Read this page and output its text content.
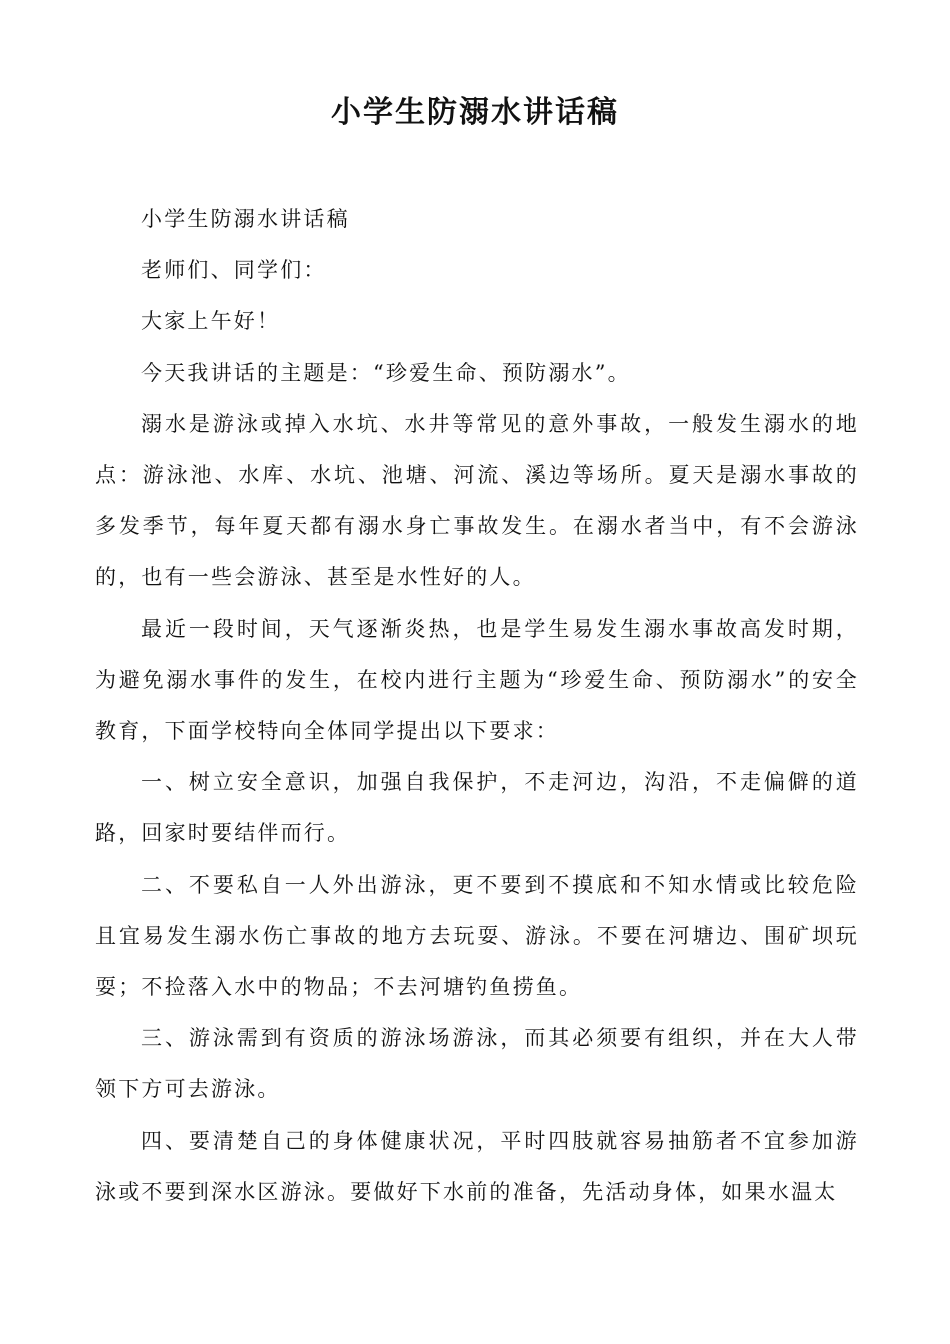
小学生防溺水讲话稿

小学生防溺水讲话稿

老师们、同学们：

大家上午好！

今天我讲话的主题是：“珍爱生命、预防溺水”。

溺水是游泳或掉入水坑、水井等常见的意外事故，一般发生溺水的地点：游泳池、水库、水坑、池塘、河流、溪边等场所。夏天是溺水事故的多发季节，每年夏天都有溺水身亡事故发生。在溺水者当中，有不会游泳的，也有一些会游泳、甚至是水性好的人。

最近一段时间，天气逐渐炎热，也是学生易发生溺水事故高发时期，为避免溺水事件的发生，在校内进行主题为“珍爱生命、预防溺水”的安全教育，下面学校特向全体同学提出以下要求：

一、树立安全意识，加强自我保护，不走河边，沟沿，不走偏僻的道路，回家时要结伴而行。

二、不要私自一人外出游泳，更不要到不摸底和不知水情或比较危险且宜易发生溺水伤亡事故的地方去玩耍、游泳。不要在河塘边、围矿坝玩耍；不捡落入水中的物品；不去河塘钓鱼捞鱼。

三、游泳需到有资质的游泳场游泳，而其必须要有组织，并在大人带领下方可去游泳。

四、要清楚自己的身体健康状况，平时四肢就容易抽筋者不宜参加游泳或不要到深水区游泳。要做好下水前的准备，先活动身体，如果水温太
